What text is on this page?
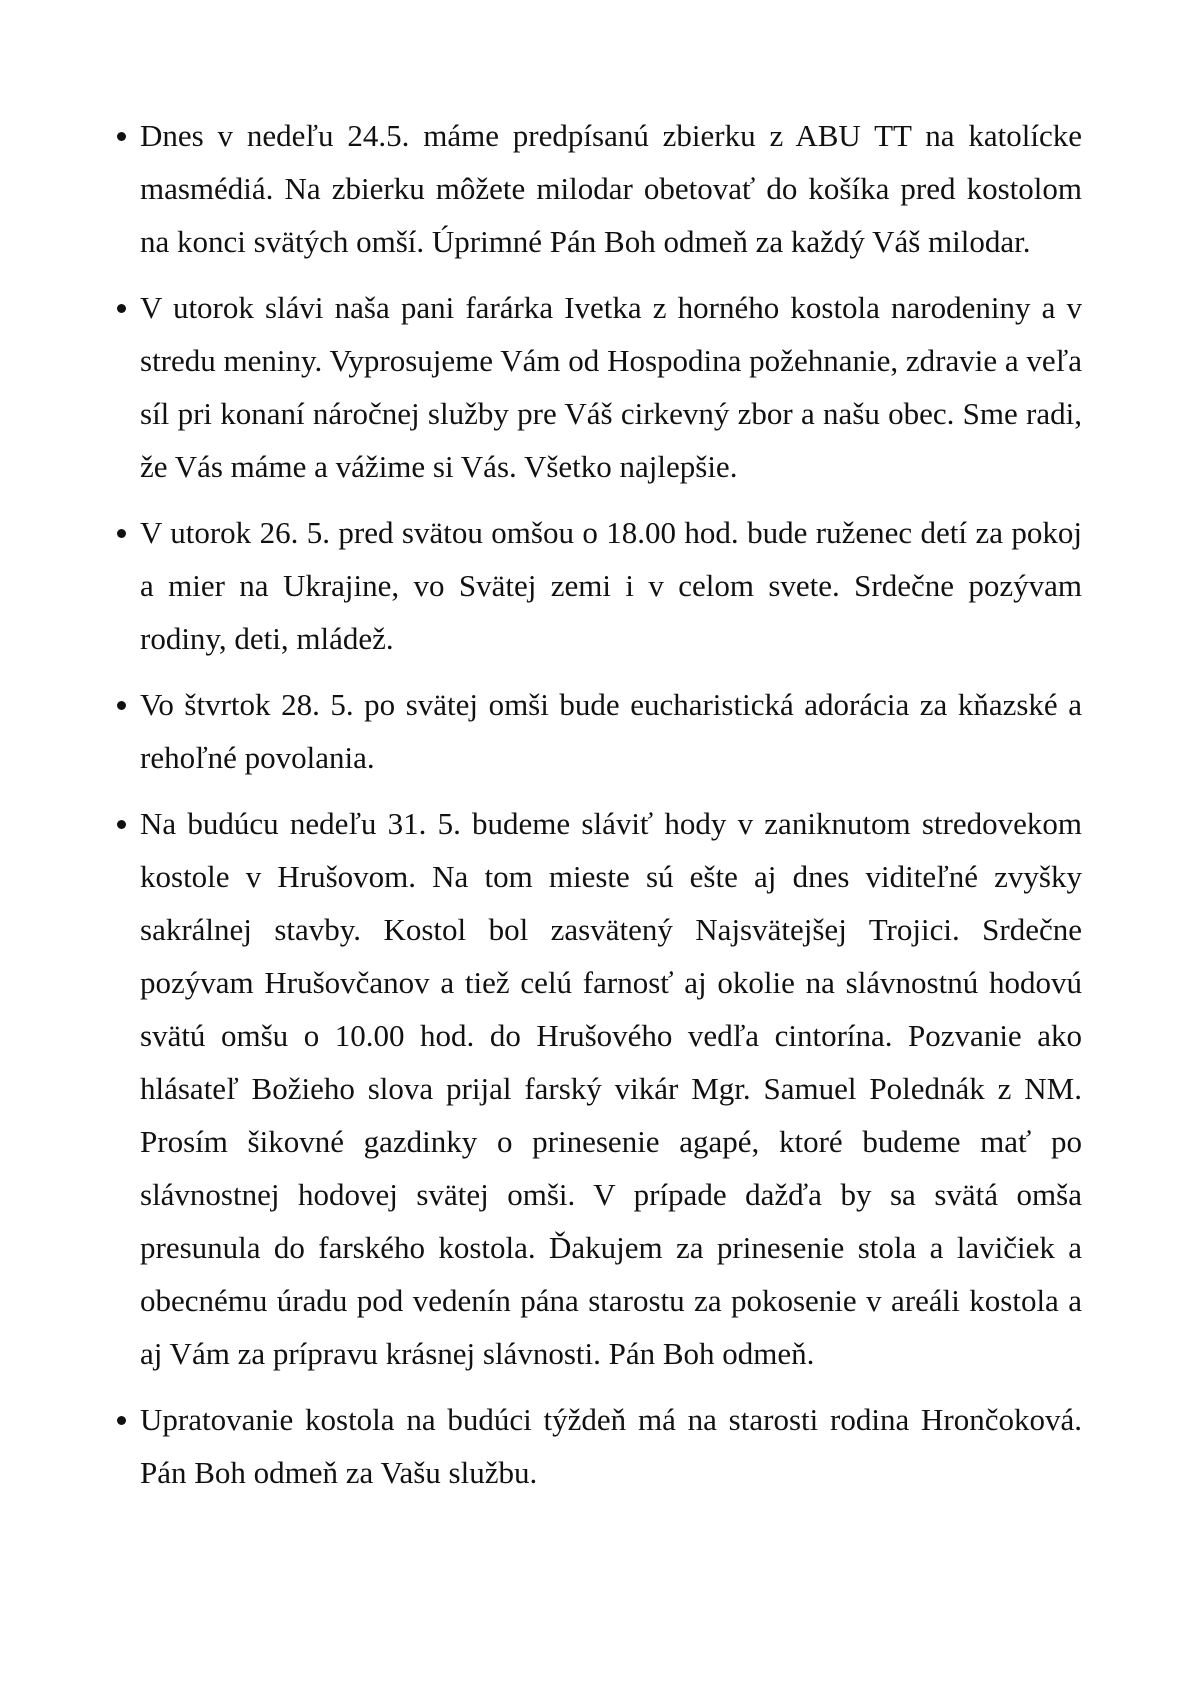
Dnes v nedeľu 24.5. máme predpísanú zbierku z ABU TT na katolícke masmédiá. Na zbierku môžete milodar obetovať do košíka pred kostolom na konci svätých omší. Úprimné Pán Boh odmeň za každý Váš milodar.
V utorok slávi naša pani farárka Ivetka z horného kostola narodeniny a v stredu meniny. Vyprosujeme Vám od Hospodina požehnanie, zdravie a veľa síl pri konaní náročnej služby pre Váš cirkevný zbor a našu obec. Sme radi, že Vás máme a vážime si Vás. Všetko najlepšie.
V utorok 26. 5. pred svätou omšou o 18.00 hod. bude ruženec detí za pokoj a mier na Ukrajine, vo Svätej zemi i v celom svete. Srdečne pozývam rodiny, deti, mládež.
Vo štvrtok 28. 5. po svätej omši bude eucharistická adorácia za kňazské a rehoľné povolania.
Na budúcu nedeľu 31. 5. budeme sláviť hody v zaniknutom stredovekom kostole v Hrušovom. Na tom mieste sú ešte aj dnes viditeľné zvyšky sakrálnej stavby. Kostol bol zasvätený Najsvätejšej Trojici. Srdečne pozývam Hrušovčanov a tiež celú farnosť aj okolie na slávnostnú hodovú svätú omšu o 10.00 hod. do Hrušového vedľa cintorína. Pozvanie ako hlásateľ Božieho slova prijal farský vikár Mgr. Samuel Polednák z NM. Prosím šikovné gazdinky o prinesenie agapé, ktoré budeme mať po slávnostnej hodovej svätej omši. V prípade dažďa by sa svätá omša presunula do farského kostola. Ďakujem za prinesenie stola a lavičiek a obecnému úradu pod vedenín pána starostu za pokosenie v areáli kostola a aj Vám za prípravu krásnej slávnosti. Pán Boh odmeň.
Upratovanie kostola na budúci týždeň má na starosti rodina Hrončoková. Pán Boh odmeň za Vašu službu.
